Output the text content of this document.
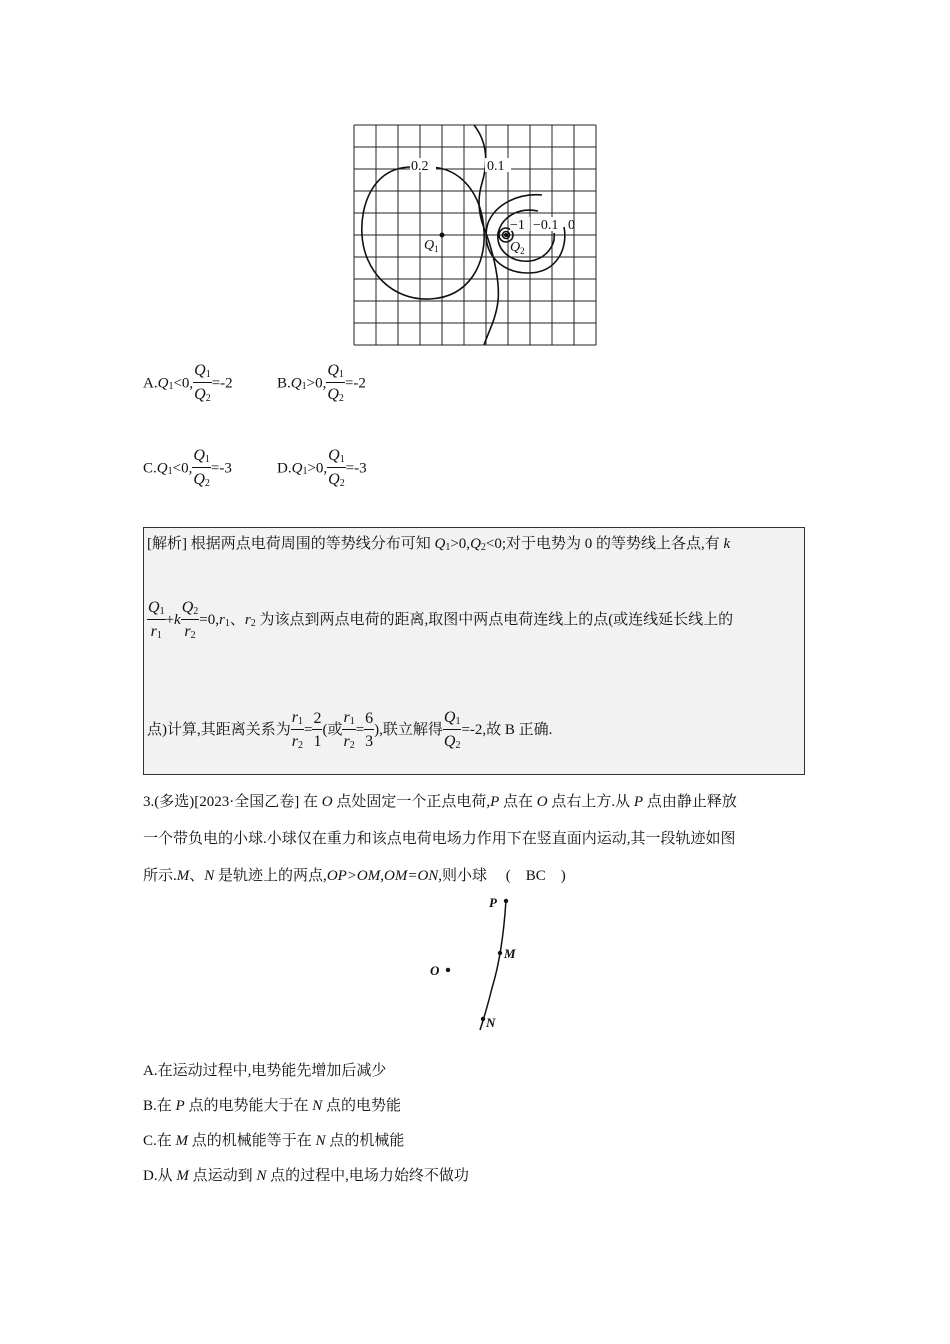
0.2	0.1
−1 −0.1 0
$Q_1$	$Q_2$
$A.Q_1<0$, $\frac{Q_1}{Q_2} =-2$	$B.Q_1>0$, $\frac{Q_1}{Q_2} =-2$
$C.Q_1<0$, $\frac{Q_1}{Q_2} =-3$	$D.Q_1>0$, $\frac{Q_1}{Q_2} =-3$
[解析] 根据两点电荷周围的等势线分布可知 $Q_1>0,Q_2<0$;对于电势为 0 的等势线上各点,有 k
$\frac{Q_1}{r_1} +k \frac{Q_2}{r_2} =0,r_1$、$r_2$ 为该点到两点电荷的距离,取图中两点电荷连线上的点(或连线延长线上的
点)计算,其距离关系为 $\frac{r_1}{r_2} = \frac{2}{1}$ (或 $\frac{r_1}{r_2} = \frac{6}{3}$ ),联立解得 $\frac{Q_1}{Q_2} =-2$,故 B 正确.
3.(多选)[2023·全国乙卷] 在 O 点处固定一个正点电荷,P 点在 O 点右上方.从 P 点由静止释放
一个带负电的小球.小球仅在重力和该点电荷电场力作用下在竖直面内运动,其一段轨迹如图
所示.M、N 是轨迹上的两点,OP>OM,OM=ON,则小球　 (　BC　)
P
M
O
N
A.在运动过程中,电势能先增加后减少
B.在 P 点的电势能大于在 N 点的电势能
C.在 M 点的机械能等于在 N 点的机械能
D.从 M 点运动到 N 点的过程中,电场力始终不做功
